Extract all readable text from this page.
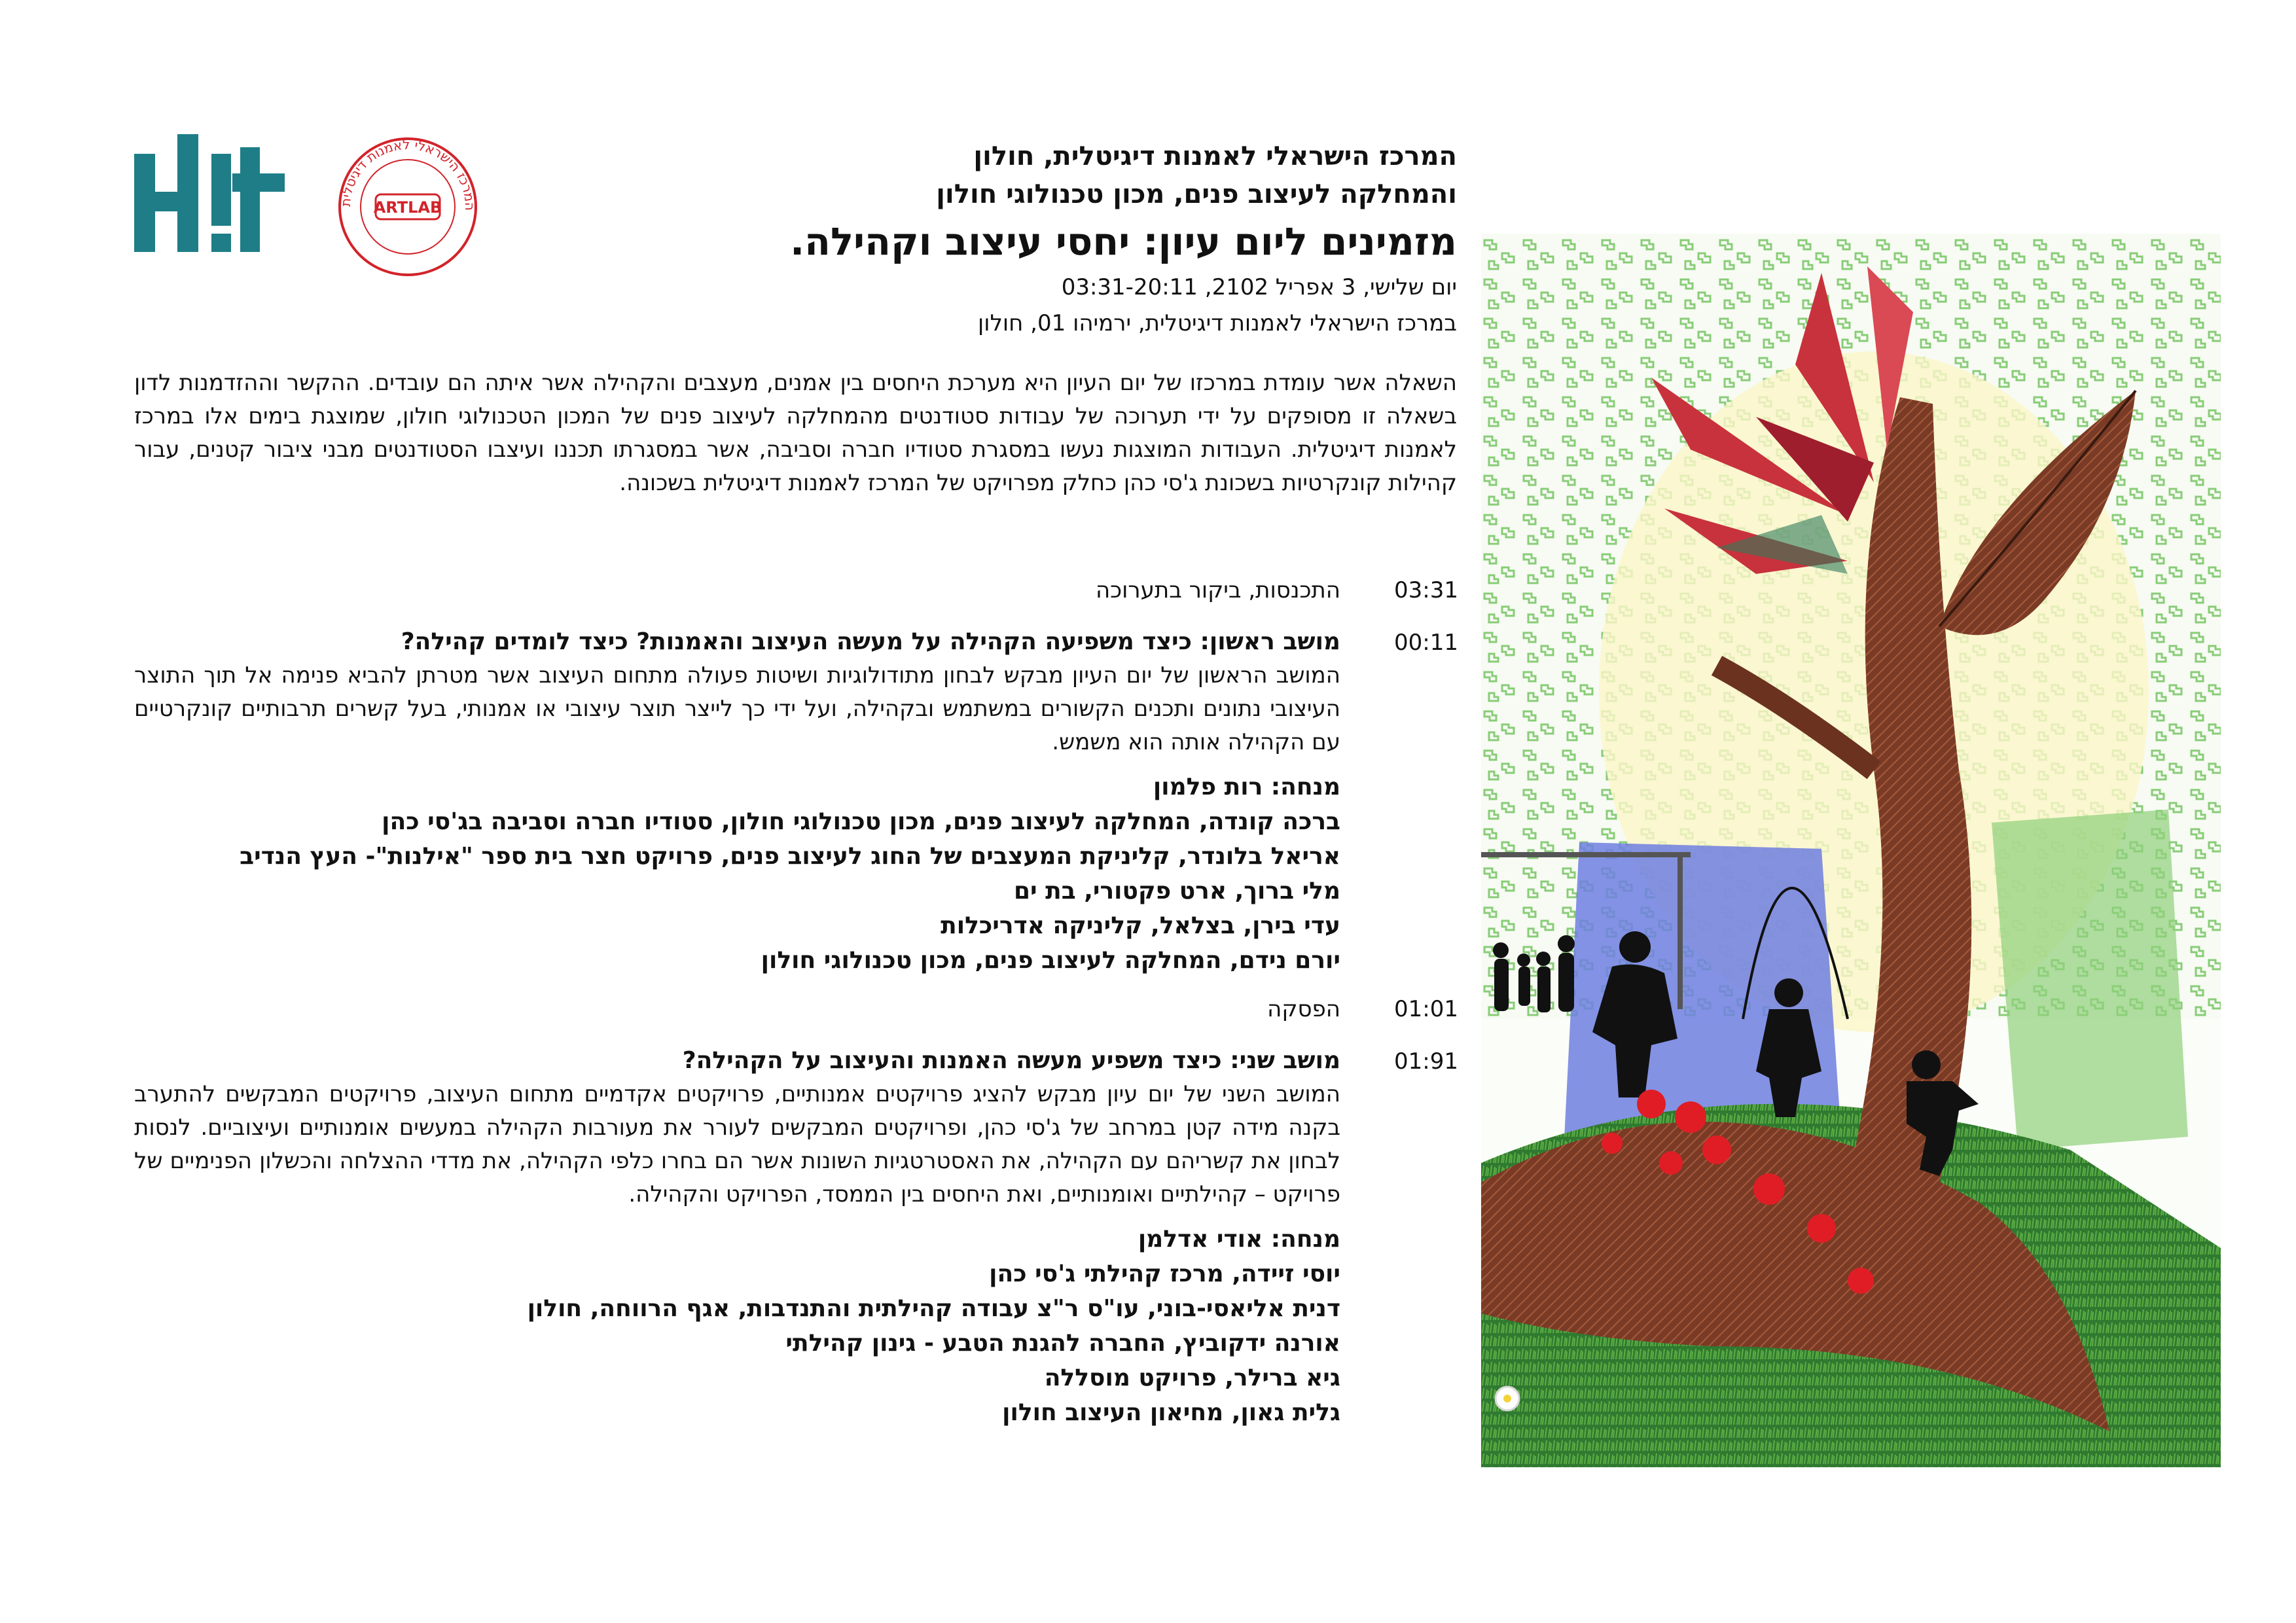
המרכז הישראלי לאמנות דיגיטלית
ARTLAB
המרכז הישראלי לאמנות דיגיטלית, חולון
והמחלקה לעיצוב פנים, מכון טכנולוגי חולון
מזמינים ליום עיון: יחסי עיצוב וקהילה.
יום שלישי, 3 אפריל 2102, 03:31-20:11
במרכז הישראלי לאמנות דיגיטלית, ירמיהו 01, חולון
השאלה אשר עומדת במרכזו של יום העיון היא מערכת היחסים בין אמנים, מעצבים והקהילה אשר איתה הם עובדים. ההקשר וההזדמנות לדון בשאלה זו מסופקים על ידי תערוכה של עבודות סטודנטים מהמחלקה לעיצוב פנים של המכון הטכנולוגי חולון, שמוצגת בימים אלו במרכז לאמנות דיגיטלית. העבודות המוצגות נעשו במסגרת סטודיו חברה וסביבה, אשר במסגרתו תכננו ועיצבו הסטודנטים מבני ציבור קטנים, עבור קהילות קונקרטיות בשכונת ג'סי כהן כחלק מפרויקט של המרכז לאמנות דיגיטלית בשכונה.
03:31
התכנסות, ביקור בתערוכה
00:11
מושב ראשון: כיצד משפיעה הקהילה על מעשה העיצוב והאמנות? כיצד לומדים קהילה?
המושב הראשון של יום העיון מבקש לבחון מתודולוגיות ושיטות פעולה מתחום העיצוב אשר מטרתן להביא פנימה אל תוך התוצר העיצובי נתונים ותכנים הקשורים במשתמש ובקהילה, ועל ידי כך לייצר תוצר עיצובי או אמנותי, בעל קשרים תרבותיים קונקרטיים עם הקהילה אותה הוא משמש.
מנחה: רות פלמון
ברכה קונדה, המחלקה לעיצוב פנים, מכון טכנולוגי חולון, סטודיו חברה וסביבה בג'סי כהן
אריאל בלונדר, קליניקת המעצבים של החוג לעיצוב פנים, פרויקט חצר בית ספר "אילנות"- העץ הנדיב
מלי ברוך, ארט פקטורי, בת ים
עדי בירן, בצלאל, קליניקה אדריכלות
יורם נידם, המחלקה לעיצוב פנים, מכון טכנולוגי חולון
01:01
הפסקה
01:91
מושב שני: כיצד משפיע מעשה האמנות והעיצוב על הקהילה?
המושב השני של יום עיון מבקש להציג פרויקטים אמנותיים, פרויקטים אקדמיים מתחום העיצוב, פרויקטים המבקשים להתערב בקנה מידה קטן במרחב של ג'סי כהן, ופרויקטים המבקשים לעורר את מעורבות הקהילה במעשים אומנותיים ועיצוביים. לנסות לבחון את קשריהם עם הקהילה, את האסטרטגיות השונות אשר הם בחרו כלפי הקהילה, את מדדי ההצלחה והכשלון הפנימיים של פרויקט – קהילתיים ואומנותיים, ואת היחסים בין הממסד, הפרויקט והקהילה.
מנחה: אודי אדלמן
יוסי זיידה, מרכז קהילתי ג'סי כהן
דנית אליאסי-בוני, עו"ס ר"צ עבודה קהילתית והתנדבות, אגף הרווחה, חולון
אורנה ידקוביץ, החברה להגנת הטבע - גינון קהילתי
גיא ברילר, פרויקט מוסללה
גלית גאון, מחיאון העיצוב חולון
